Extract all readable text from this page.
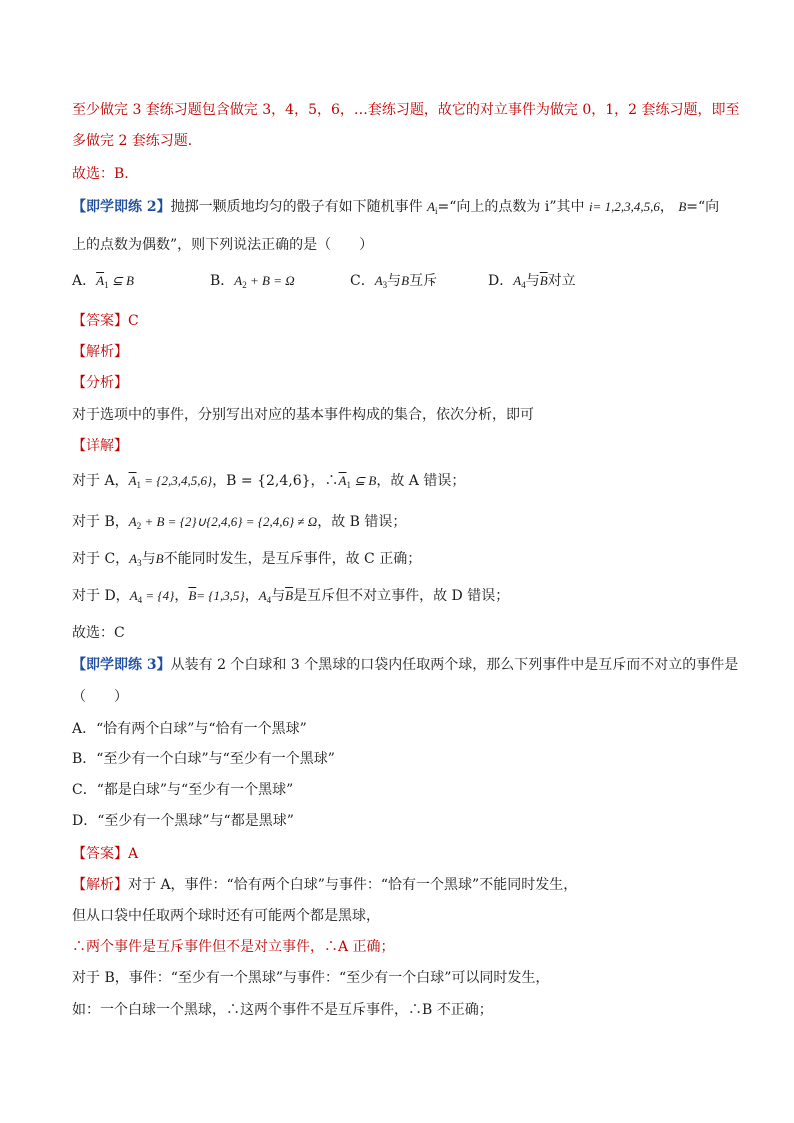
至少做完 3 套练习题包含做完 3，4，5，6，…套练习题，故它的对立事件为做完 0，1，2 套练习题，即至
多做完 2 套练习题．
故选：B.
【即学即练 2】抛掷一颗质地均匀的骰子有如下随机事件 $A_i=“$向上的点数为 i”其中 i= 1,2,3,4,5,6， B=“向
上的点数为偶数”，则下列说法正确的是（　　）
A．$\overline{A}_1$ ⊆ B	B．$A_2 + B = \Omega$	C．$A_3$与B互斥	D．$A_4$与$\overline{B}$对立
【答案】C
【解析】
【分析】
对于选项中的事件，分别写出对应的基本事件构成的集合，依次分析，即可
【详解】
对于 A，$\overline{A}_1 = \{2,3,4,5,6\}$，B = {2,4,6}，$\therefore\overline{A}_1$ ⊆ B，故 A 错误；
对于 B，$A_2 + B$ = {2}∪{2,4,6} = {2,4,6} ≠ Ω，故 B 错误；
对于 C，$A_3$与B不能同时发生，是互斥事件，故 C 正确；
对于 D，$A_4 = \{4\}$，$\overline{B}= \{1,3,5\}$，$A_4$与$\overline{B}$是互斥但不对立事件，故 D 错误；
故选：C
【即学即练 3】从装有 2 个白球和 3 个黑球的口袋内任取两个球，那么下列事件中是互斥而不对立的事件是
（　　）
A．“恰有两个白球”与“恰有一个黑球”
B．“至少有一个白球”与“至少有一个黑球”
C．“都是白球”与“至少有一个黑球”
D．“至少有一个黑球”与“都是黑球”
【答案】A
【解析】对于 A，事件：“恰有两个白球”与事件：“恰有一个黑球”不能同时发生，
但从口袋中任取两个球时还有可能两个都是黑球，
∴两个事件是互斥事件但不是对立事件，∴A 正确；
对于 B，事件：“至少有一个黑球”与事件：“至少有一个白球”可以同时发生，
如：一个白球一个黑球，∴这两个事件不是互斥事件，∴B 不正确；
